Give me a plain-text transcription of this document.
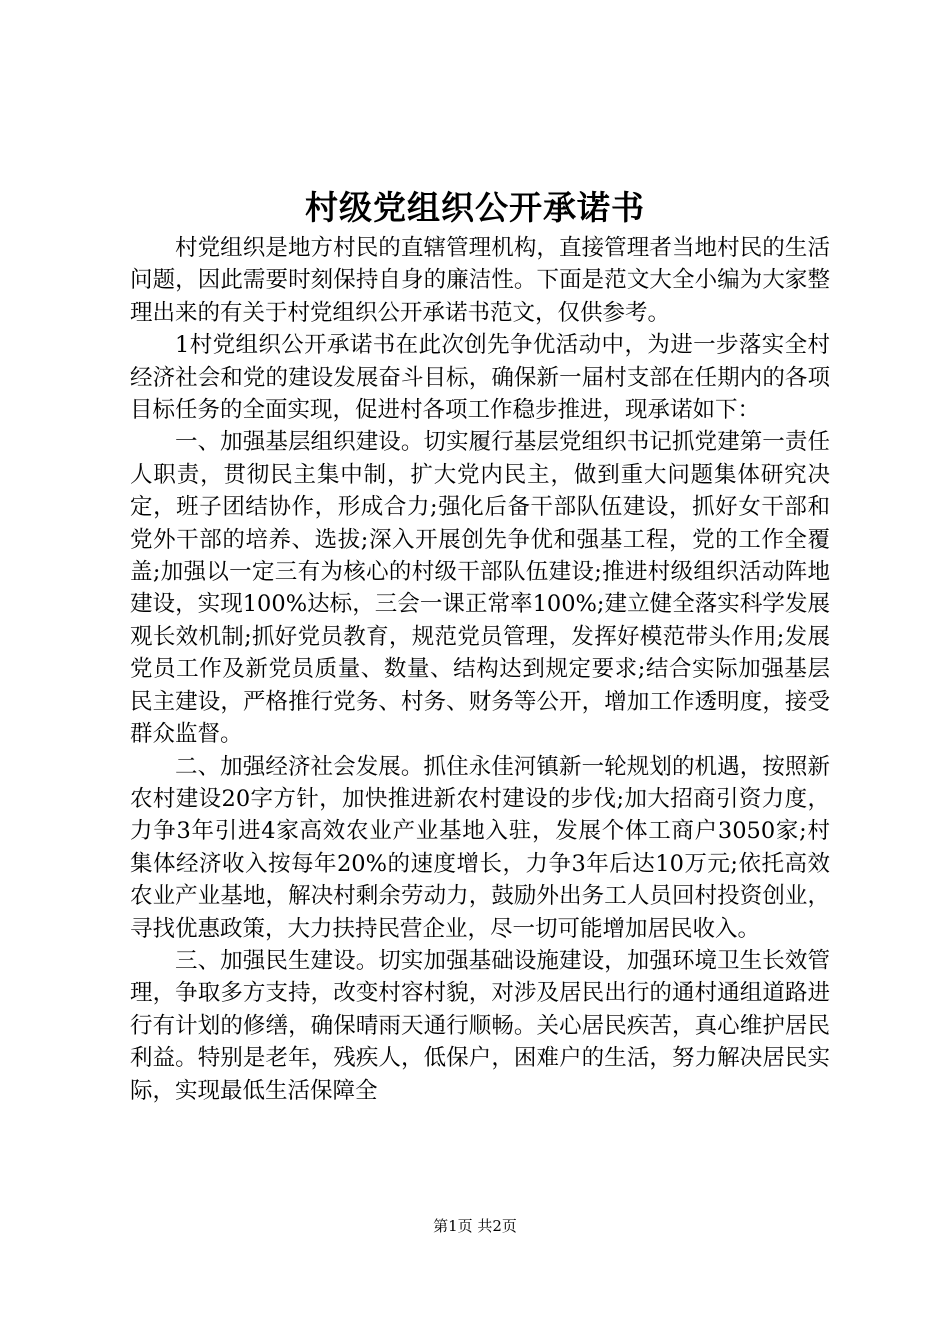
村级党组织公开承诺书

村党组织是地方村民的直辖管理机构，直接管理者当地村民的生活问题，因此需要时刻保持自身的廉洁性。下面是范文大全小编为大家整理出来的有关于村党组织公开承诺书范文，仅供参考。

1村党组织公开承诺书在此次创先争优活动中，为进一步落实全村经济社会和党的建设发展奋斗目标，确保新一届村支部在任期内的各项目标任务的全面实现，促进村各项工作稳步推进，现承诺如下：

一、加强基层组织建设。切实履行基层党组织书记抓党建第一责任人职责，贯彻民主集中制，扩大党内民主，做到重大问题集体研究决定，班子团结协作，形成合力;强化后备干部队伍建设，抓好女干部和党外干部的培养、选拔;深入开展创先争优和强基工程，党的工作全覆盖;加强以一定三有为核心的村级干部队伍建设;推进村级组织活动阵地建设，实现100%达标，三会一课正常率100%;建立健全落实科学发展观长效机制;抓好党员教育，规范党员管理，发挥好模范带头作用;发展党员工作及新党员质量、数量、结构达到规定要求;结合实际加强基层民主建设，严格推行党务、村务、财务等公开，增加工作透明度，接受群众监督。

二、加强经济社会发展。抓住永佳河镇新一轮规划的机遇，按照新农村建设20字方针，加快推进新农村建设的步伐;加大招商引资力度，力争3年引进4家高效农业产业基地入驻，发展个体工商户3050家;村集体经济收入按每年20%的速度增长，力争3年后达10万元;依托高效农业产业基地，解决村剩余劳动力，鼓励外出务工人员回村投资创业，寻找优惠政策，大力扶持民营企业，尽一切可能增加居民收入。

三、加强民生建设。切实加强基础设施建设，加强环境卫生长效管理，争取多方支持，改变村容村貌，对涉及居民出行的通村通组道路进行有计划的修缮，确保晴雨天通行顺畅。关心居民疾苦，真心维护居民利益。特别是老年，残疾人，低保户，困难户的生活，努力解决居民实际，实现最低生活保障全

第1页 共2页
